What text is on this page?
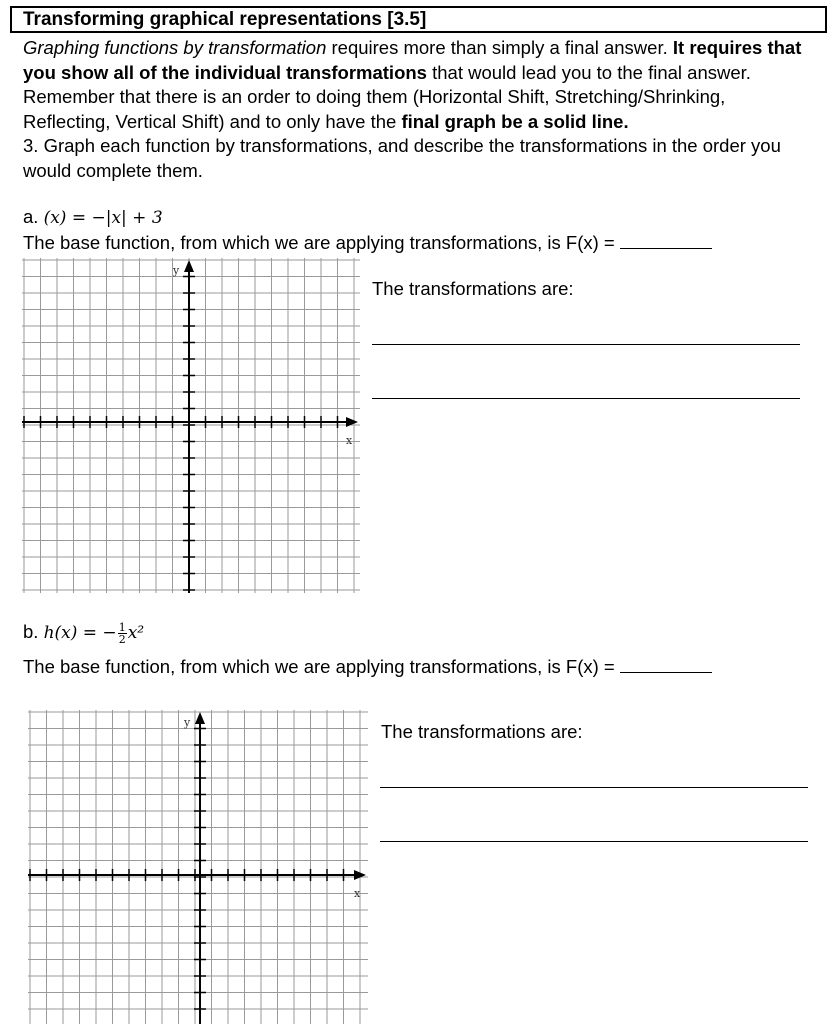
Transforming graphical representations [3.5]

Graphing functions by transformation requires more than simply a final answer. It requires that you show all of the individual transformations that would lead you to the final answer. Remember that there is an order to doing them (Horizontal Shift, Stretching/Shrinking, Reflecting, Vertical Shift) and to only have the final graph be a solid line.

3. Graph each function by transformations, and describe the transformations in the order you would complete them.

a. (x) = −|x| + 3
The base function, from which we are applying transformations, is F(x) =
x
y
The transformations are:
b. h(x) = − $\frac{1}{2} x^2$
The base function, from which we are applying transformations, is F(x) =
x
y	The transformations are:
